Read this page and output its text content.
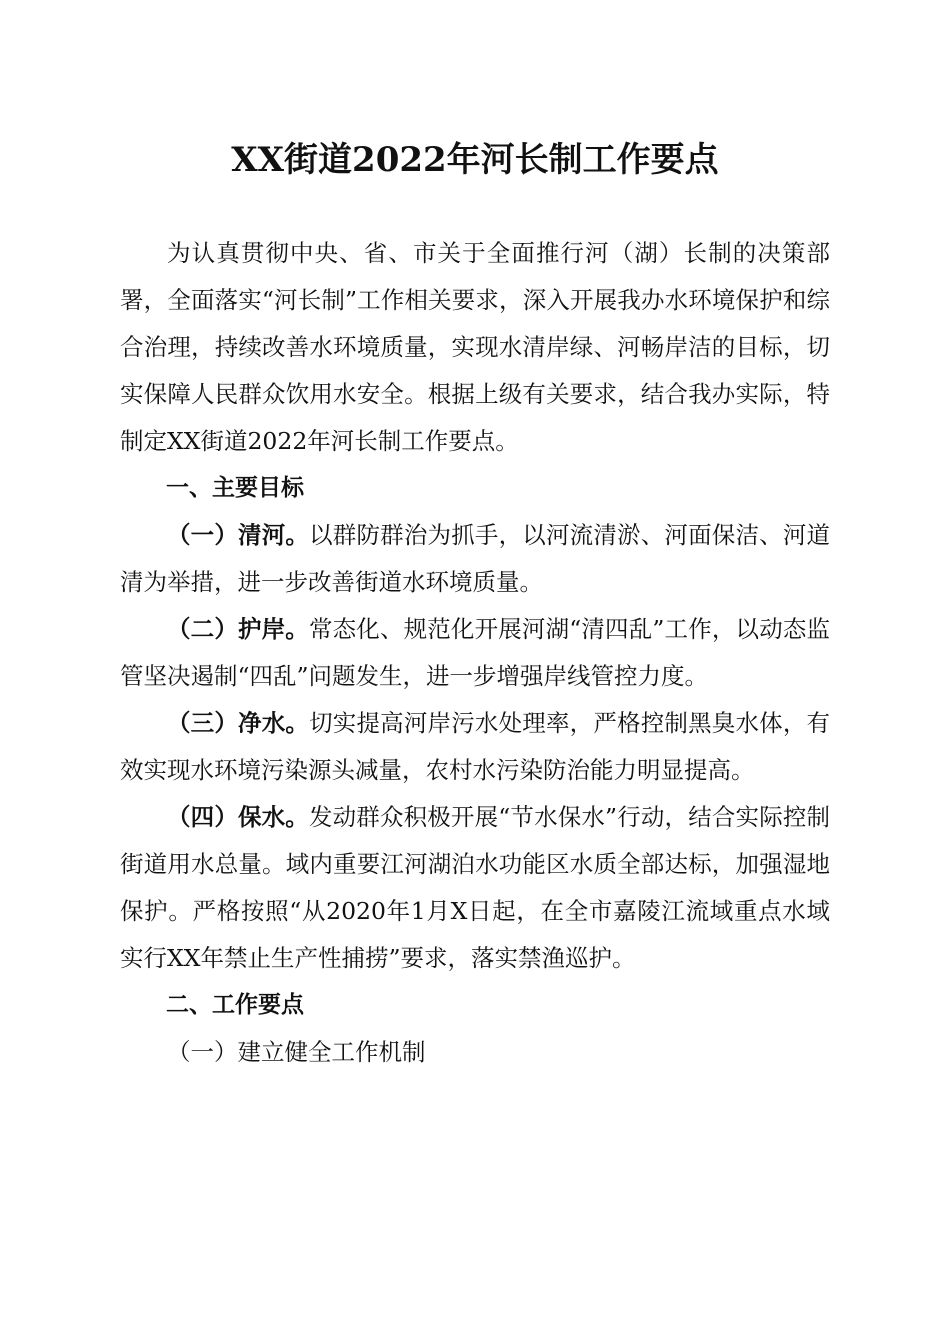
XX街道2022年河长制工作要点

为认真贯彻中央、省、市关于全面推行河（湖）长制的决策部署，全面落实“河长制”工作相关要求，深入开展我办水环境保护和综合治理，持续改善水环境质量，实现水清岸绿、河畅岸洁的目标，切实保障人民群众饮用水安全。根据上级有关要求，结合我办实际，特制定XX街道2022年河长制工作要点。

一、主要目标

（一）清河。以群防群治为抓手，以河流清淤、河面保洁、河道清为举措，进一步改善街道水环境质量。

（二）护岸。常态化、规范化开展河湖“清四乱”工作，以动态监管坚决遏制“四乱”问题发生，进一步增强岸线管控力度。

（三）净水。切实提高河岸污水处理率，严格控制黑臭水体，有效实现水环境污染源头减量，农村水污染防治能力明显提高。

（四）保水。发动群众积极开展“节水保水”行动，结合实际控制街道用水总量。域内重要江河湖泊水功能区水质全部达标，加强湿地保护。严格按照“从2020年1月X日起，在全市嘉陵江流域重点水域实行XX年禁止生产性捕捞”要求，落实禁渔巡护。

二、工作要点

（一）建立健全工作机制
